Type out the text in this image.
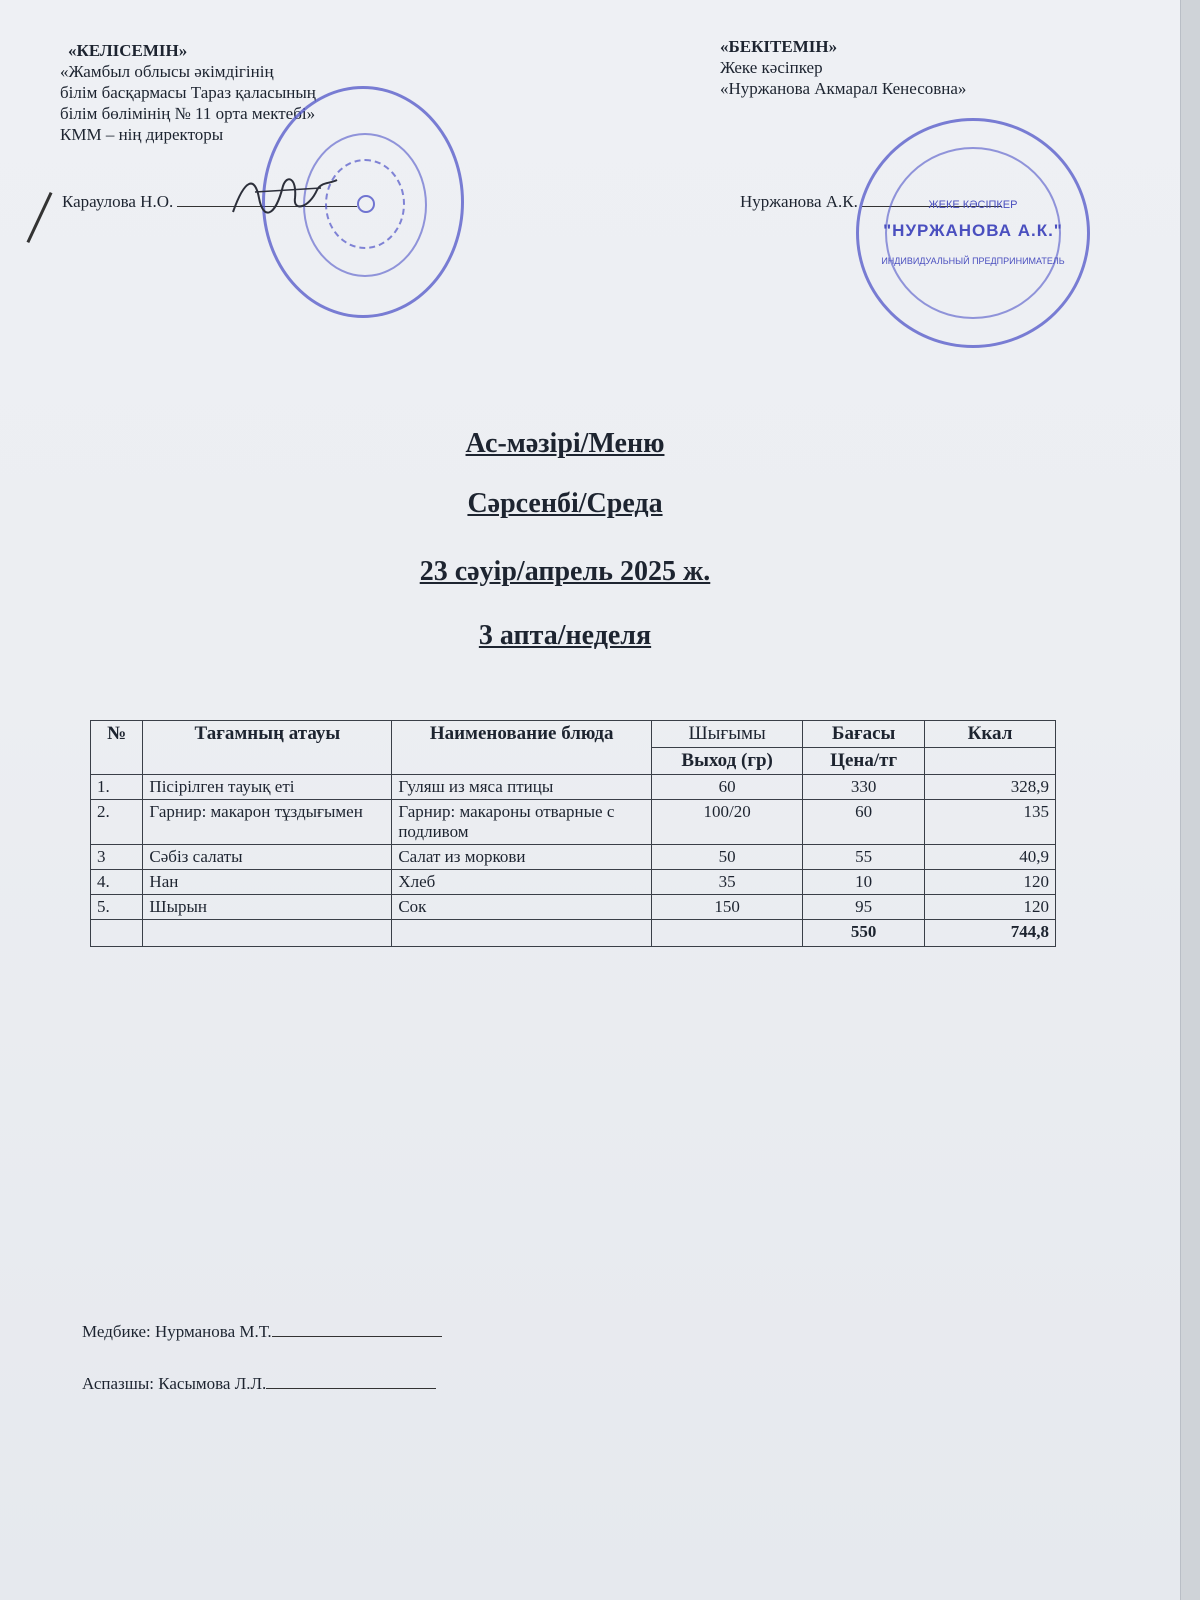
«КЕЛІСЕМІН»
«Жамбыл облысы әкімдігінің
білім басқармасы Тараз қаласының
білім бөлімінің № 11 орта мектебі»
КММ – нің директоры
Караулова Н.О.
«БЕКІТЕМІН»
Жеке кәсіпкер
«Нуржанова Акмарал Кенесовна»
Нуржанова А.К.	ЖЕКЕ КӘСІПКЕР
"НУРЖАНОВА А.К."
ИНДИВИДУАЛЬНЫЙ ПРЕДПРИНИМАТЕЛЬ
Ас-мәзірі/Меню
Сәрсенбі/Среда
23 сәуір/апрель 2025 ж.
3 апта/неделя
№	Тағамның атауы	Наименование блюда	Шығымы	Бағасы	Ккал
			Выход (гр)	Цена/тг	
1.	Пісірілген тауық еті	Гуляш из мяса птицы	60	330	328,9
2.	Гарнир: макарон тұздығымен	Гарнир: макароны отварные с подливом	100/20	60	135
3	Сәбіз салаты	Салат из моркови	50	55	40,9
4.	Нан	Хлеб	35	10	120
5.	Шырын	Сок	150	95	120
				550	744,8
Медбике: Нурманова М.Т.
Аспазшы: Касымова Л.Л.
